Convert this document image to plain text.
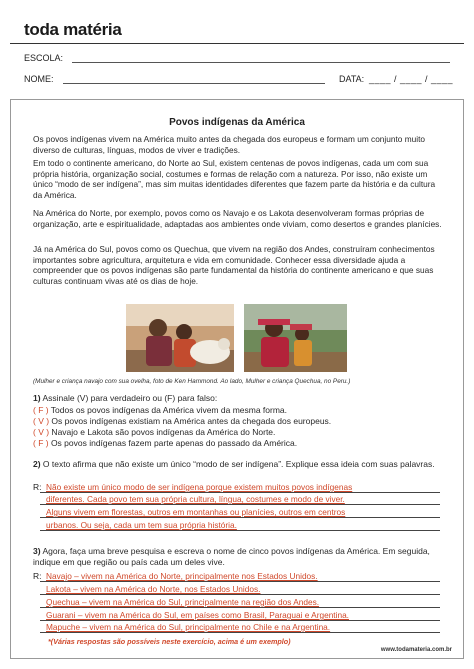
toda matéria
ESCOLA:
NOME:	DATA: ____ / ____ / ____
Povos indígenas da América
Os povos indígenas vivem na América muito antes da chegada dos europeus e formam um conjunto muito diverso de culturas, línguas, modos de viver e tradições.
Em todo o continente americano, do Norte ao Sul, existem centenas de povos indígenas, cada um com sua própria história, organização social, costumes e formas de relação com a natureza. Por isso, não existe um único “modo de ser indígena”, mas sim muitas identidades diferentes que fazem parte da história e da cultura da América.
Na América do Norte, por exemplo, povos como os Navajo e os Lakota desenvolveram formas próprias de organização, arte e espiritualidade, adaptadas aos ambientes onde viviam, como desertos e grandes planícies.
Já na América do Sul, povos como os Quechua, que vivem na região dos Andes, construíram conhecimentos importantes sobre agricultura, arquitetura e vida em comunidade. Conhecer essa diversidade ajuda a compreender que os povos indígenas são parte fundamental da história do continente americano e que suas culturas continuam vivas até os dias de hoje.
(Mulher e criança navajo com sua ovelha, foto de Ken Hammond. Ao lado, Mulher e criança Quechua, no Peru.)
1) Assinale (V) para verdadeiro ou (F) para falso:
( F ) Todos os povos indígenas da América vivem da mesma forma.
( V ) Os povos indígenas existiam na América antes da chegada dos europeus.
( V ) Navajo e Lakota são povos indígenas da América do Norte.
( F ) Os povos indígenas fazem parte apenas do passado da América.
2) O texto afirma que não existe um único “modo de ser indígena”. Explique essa ideia com suas palavras.
R: Não existe um único modo de ser indígena porque existem muitos povos indígenas
diferentes. Cada povo tem sua própria cultura, língua, costumes e modo de viver.
Alguns vivem em florestas, outros em montanhas ou planícies, outros em centros
urbanos. Ou seja, cada um tem sua própria história.
3) Agora, faça uma breve pesquisa e escreva o nome de cinco povos indígenas da América. Em seguida, indique em que região ou país cada um deles vive.
R: Navajo – vivem na América do Norte, principalmente nos Estados Unidos.
Lakota – vivem na América do Norte, nos Estados Unidos.
Quechua – vivem na América do Sul, principalmente na região dos Andes.
Guarani – vivem na América do Sul, em países como Brasil, Paraguai e Argentina.
Mapuche – vivem na América do Sul, principalmente no Chile e na Argentina.
*(Várias respostas são possíveis neste exercício, acima é um exemplo)
www.todamateria.com.br
